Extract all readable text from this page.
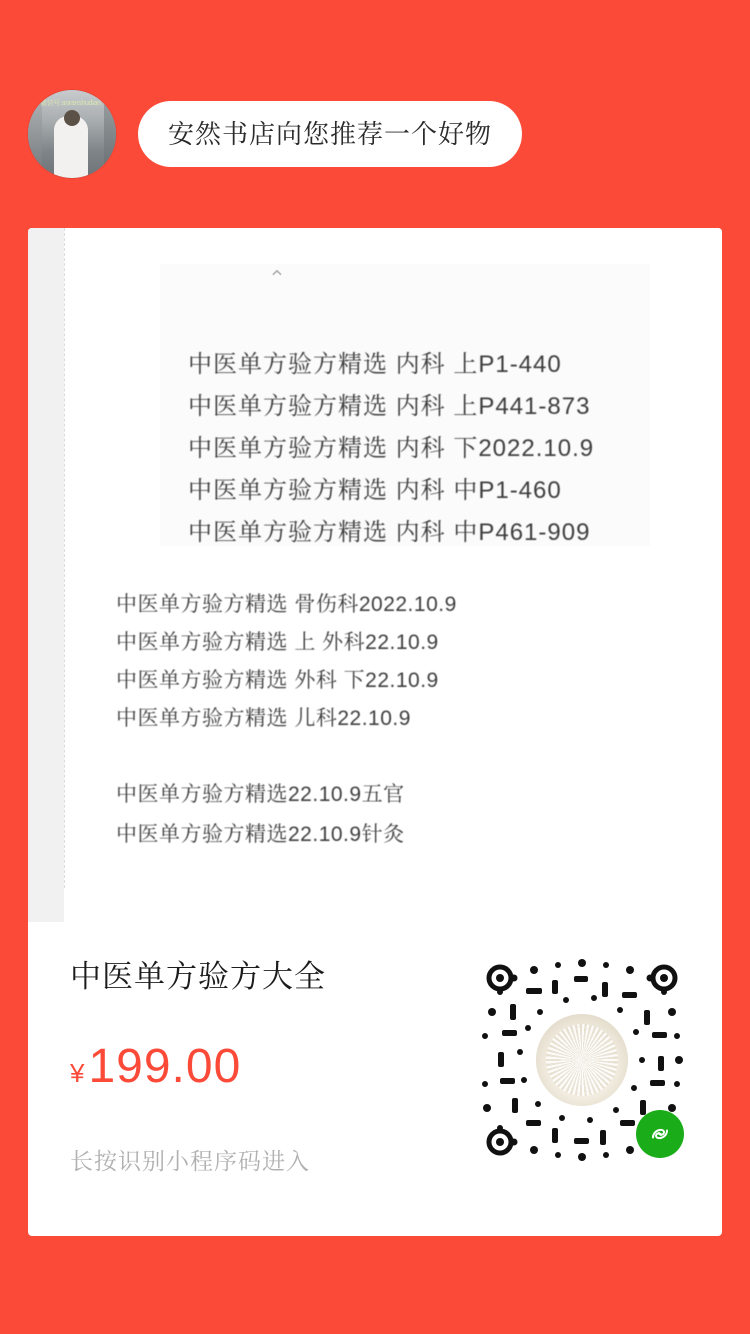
微信号:anranshudian
安然书店向您推荐一个好物
⌃
中医单方验方精选 内科 上P1-440
中医单方验方精选 内科 上P441-873
中医单方验方精选 内科 下2022.10.9
中医单方验方精选 内科 中P1-460
中医单方验方精选 内科 中P461-909
中医单方验方精选 骨伤科2022.10.9
中医单方验方精选 上 外科22.10.9
中医单方验方精选 外科 下22.10.9
中医单方验方精选 儿科22.10.9
中医单方验方精选22.10.9五官
中医单方验方精选22.10.9针灸
中医单方验方大全
¥ 199.00
长按识别小程序码进入
